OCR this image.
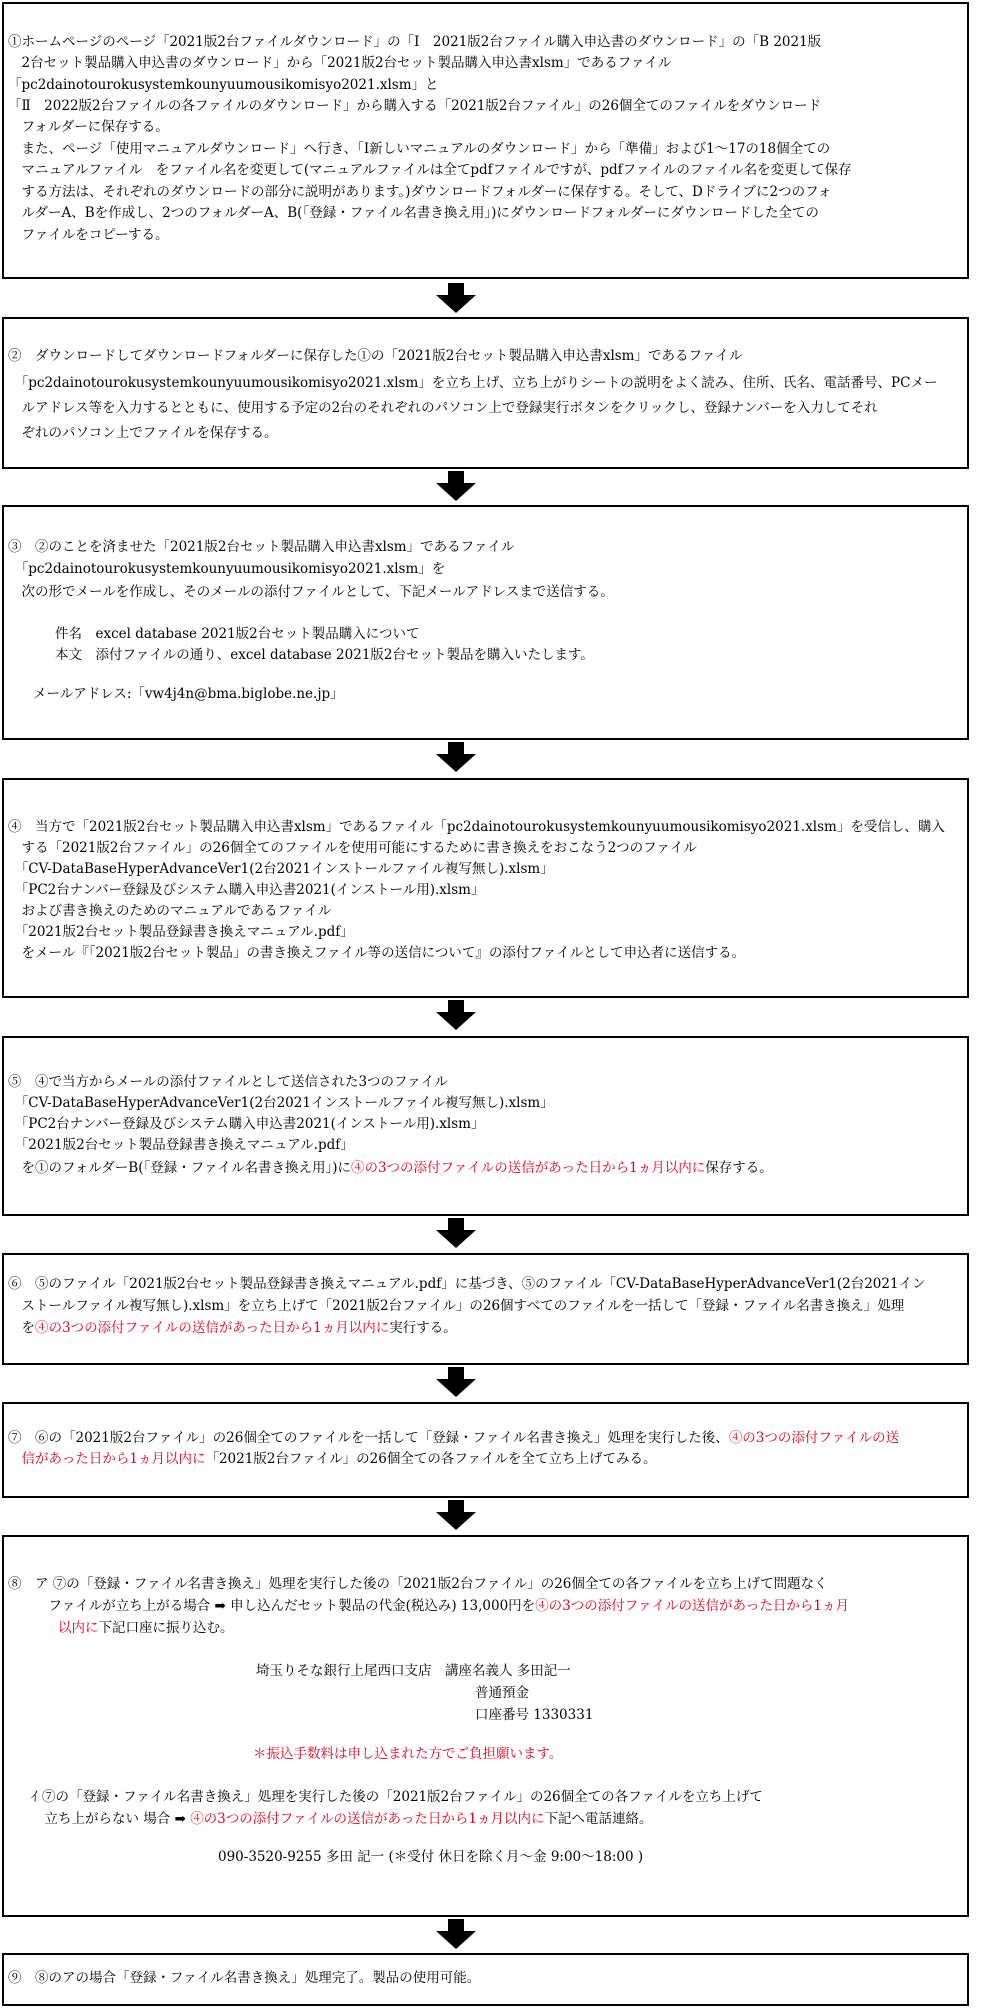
①ホームページのページ「2021版2台ファイルダウンロード」の「Ⅰ　2021版2台ファイル購入申込書のダウンロード」の「B 2021版
　2台セット製品購入申込書のダウンロード」から「2021版2台セット製品購入申込書xlsm」であるファイル
「pc2dainotourokusystemkounyuumousikomisyo2021.xlsm」と
「Ⅱ　2022版2台ファイルの各ファイルのダウンロード」から購入する「2021版2台ファイル」の26個全てのファイルをダウンロード
　フォルダーに保存する。
　また、ページ「使用マニュアルダウンロード」へ行き、「Ⅰ新しいマニュアルのダウンロード」から「準備」および1～17の18個全ての
　マニュアルファイル　をファイル名を変更して(マニュアルファイルは全てpdfファイルですが、pdfファイルのファイル名を変更して保存
　する方法は、それぞれのダウンロードの部分に説明があります。)ダウンロードフォルダーに保存する。そして、Dドライブに2つのフォ
　ルダーA、Bを作成し、2つのフォルダーA、B(「登録・ファイル名書き換え用」)にダウンロードフォルダーにダウンロードした全ての
　ファイルをコピーする。
②　ダウンロードしてダウンロードフォルダーに保存した①の「2021版2台セット製品購入申込書xlsm」であるファイル
　「pc2dainotourokusystemkounyuumousikomisyo2021.xlsm」を立ち上げ、立ち上がりシートの説明をよく読み、住所、氏名、電話番号、PCメー
　ルアドレス等を入力するとともに、使用する予定の2台のそれぞれのパソコン上で登録実行ボタンをクリックし、登録ナンバーを入力してそれ
　ぞれのパソコン上でファイルを保存する。
③　②のことを済ませた「2021版2台セット製品購入申込書xlsm」であるファイル
　「pc2dainotourokusystemkounyuumousikomisyo2021.xlsm」を
　次の形でメールを作成し、そのメールの添付ファイルとして、下記メールアドレスまで送信する。
件名　excel database 2021版2台セット製品購入について
本文　添付ファイルの通り、excel database 2021版2台セット製品を購入いたします。
メールアドレス:「vw4j4n@bma.biglobe.ne.jp」
④　当方で「2021版2台セット製品購入申込書xlsm」であるファイル「pc2dainotourokusystemkounyuumousikomisyo2021.xlsm」を受信し、購入
　する「2021版2台ファイル」の26個全てのファイルを使用可能にするために書き換えをおこなう2つのファイル
　「CV-DataBaseHyperAdvanceVer1(2台2021インストールファイル複写無し).xlsm」
　「PC2台ナンバー登録及びシステム購入申込書2021(インストール用).xlsm」
　および書き換えのためのマニュアルであるファイル
　「2021版2台セット製品登録書き換えマニュアル.pdf」
　をメール『「2021版2台セット製品」の書き換えファイル等の送信について』の添付ファイルとして申込者に送信する。
⑤　④で当方からメールの添付ファイルとして送信された3つのファイル
　「CV-DataBaseHyperAdvanceVer1(2台2021インストールファイル複写無し).xlsm」
　「PC2台ナンバー登録及びシステム購入申込書2021(インストール用).xlsm」
　「2021版2台セット製品登録書き換えマニュアル.pdf」
　を①のフォルダーB(「登録・ファイル名書き換え用」)に④の3つの添付ファイルの送信があった日から1ヵ月以内に保存する。
⑥　⑤のファイル「2021版2台セット製品登録書き換えマニュアル.pdf」に基づき、⑤のファイル「CV-DataBaseHyperAdvanceVer1(2台2021イン
　ストールファイル複写無し).xlsm」を立ち上げて「2021版2台ファイル」の26個すべてのファイルを一括して「登録・ファイル名書き換え」処理
　を④の3つの添付ファイルの送信があった日から1ヵ月以内に実行する。
⑦　⑥の「2021版2台ファイル」の26個全てのファイルを一括して「登録・ファイル名書き換え」処理を実行した後、④の3つの添付ファイルの送
　信があった日から1ヵ月以内に「2021版2台ファイル」の26個全ての各ファイルを全て立ち上げてみる。
⑧　ア ⑦の「登録・ファイル名書き換え」処理を実行した後の「2021版2台ファイル」の26個全ての各ファイルを立ち上げて問題なく
　　　ファイルが立ち上がる場合 ➡ 申し込んだセット製品の代金(税込み) 13,000円を④の3つの添付ファイルの送信があった日から1ヵ月
以内に下記口座に振り込む。
埼玉りそな銀行上尾西口支店　講座名義人 多田記一
普通預金
口座番号 1330331
＊振込手数料は申し込まれた方でご負担願います。
ｲ ⑦の「登録・ファイル名書き換え」処理を実行した後の「2021版2台ファイル」の26個全ての各ファイルを立ち上げて
　立ち上がらない 場合 ➡ ④の3つの添付ファイルの送信があった日から1ヵ月以内に下記へ電話連絡。
090-3520-9255 多田 記一 (＊受付 休日を除く月～金 9:00～18:00 )
⑨　⑧のアの場合「登録・ファイル名書き換え」処理完了。製品の使用可能。
